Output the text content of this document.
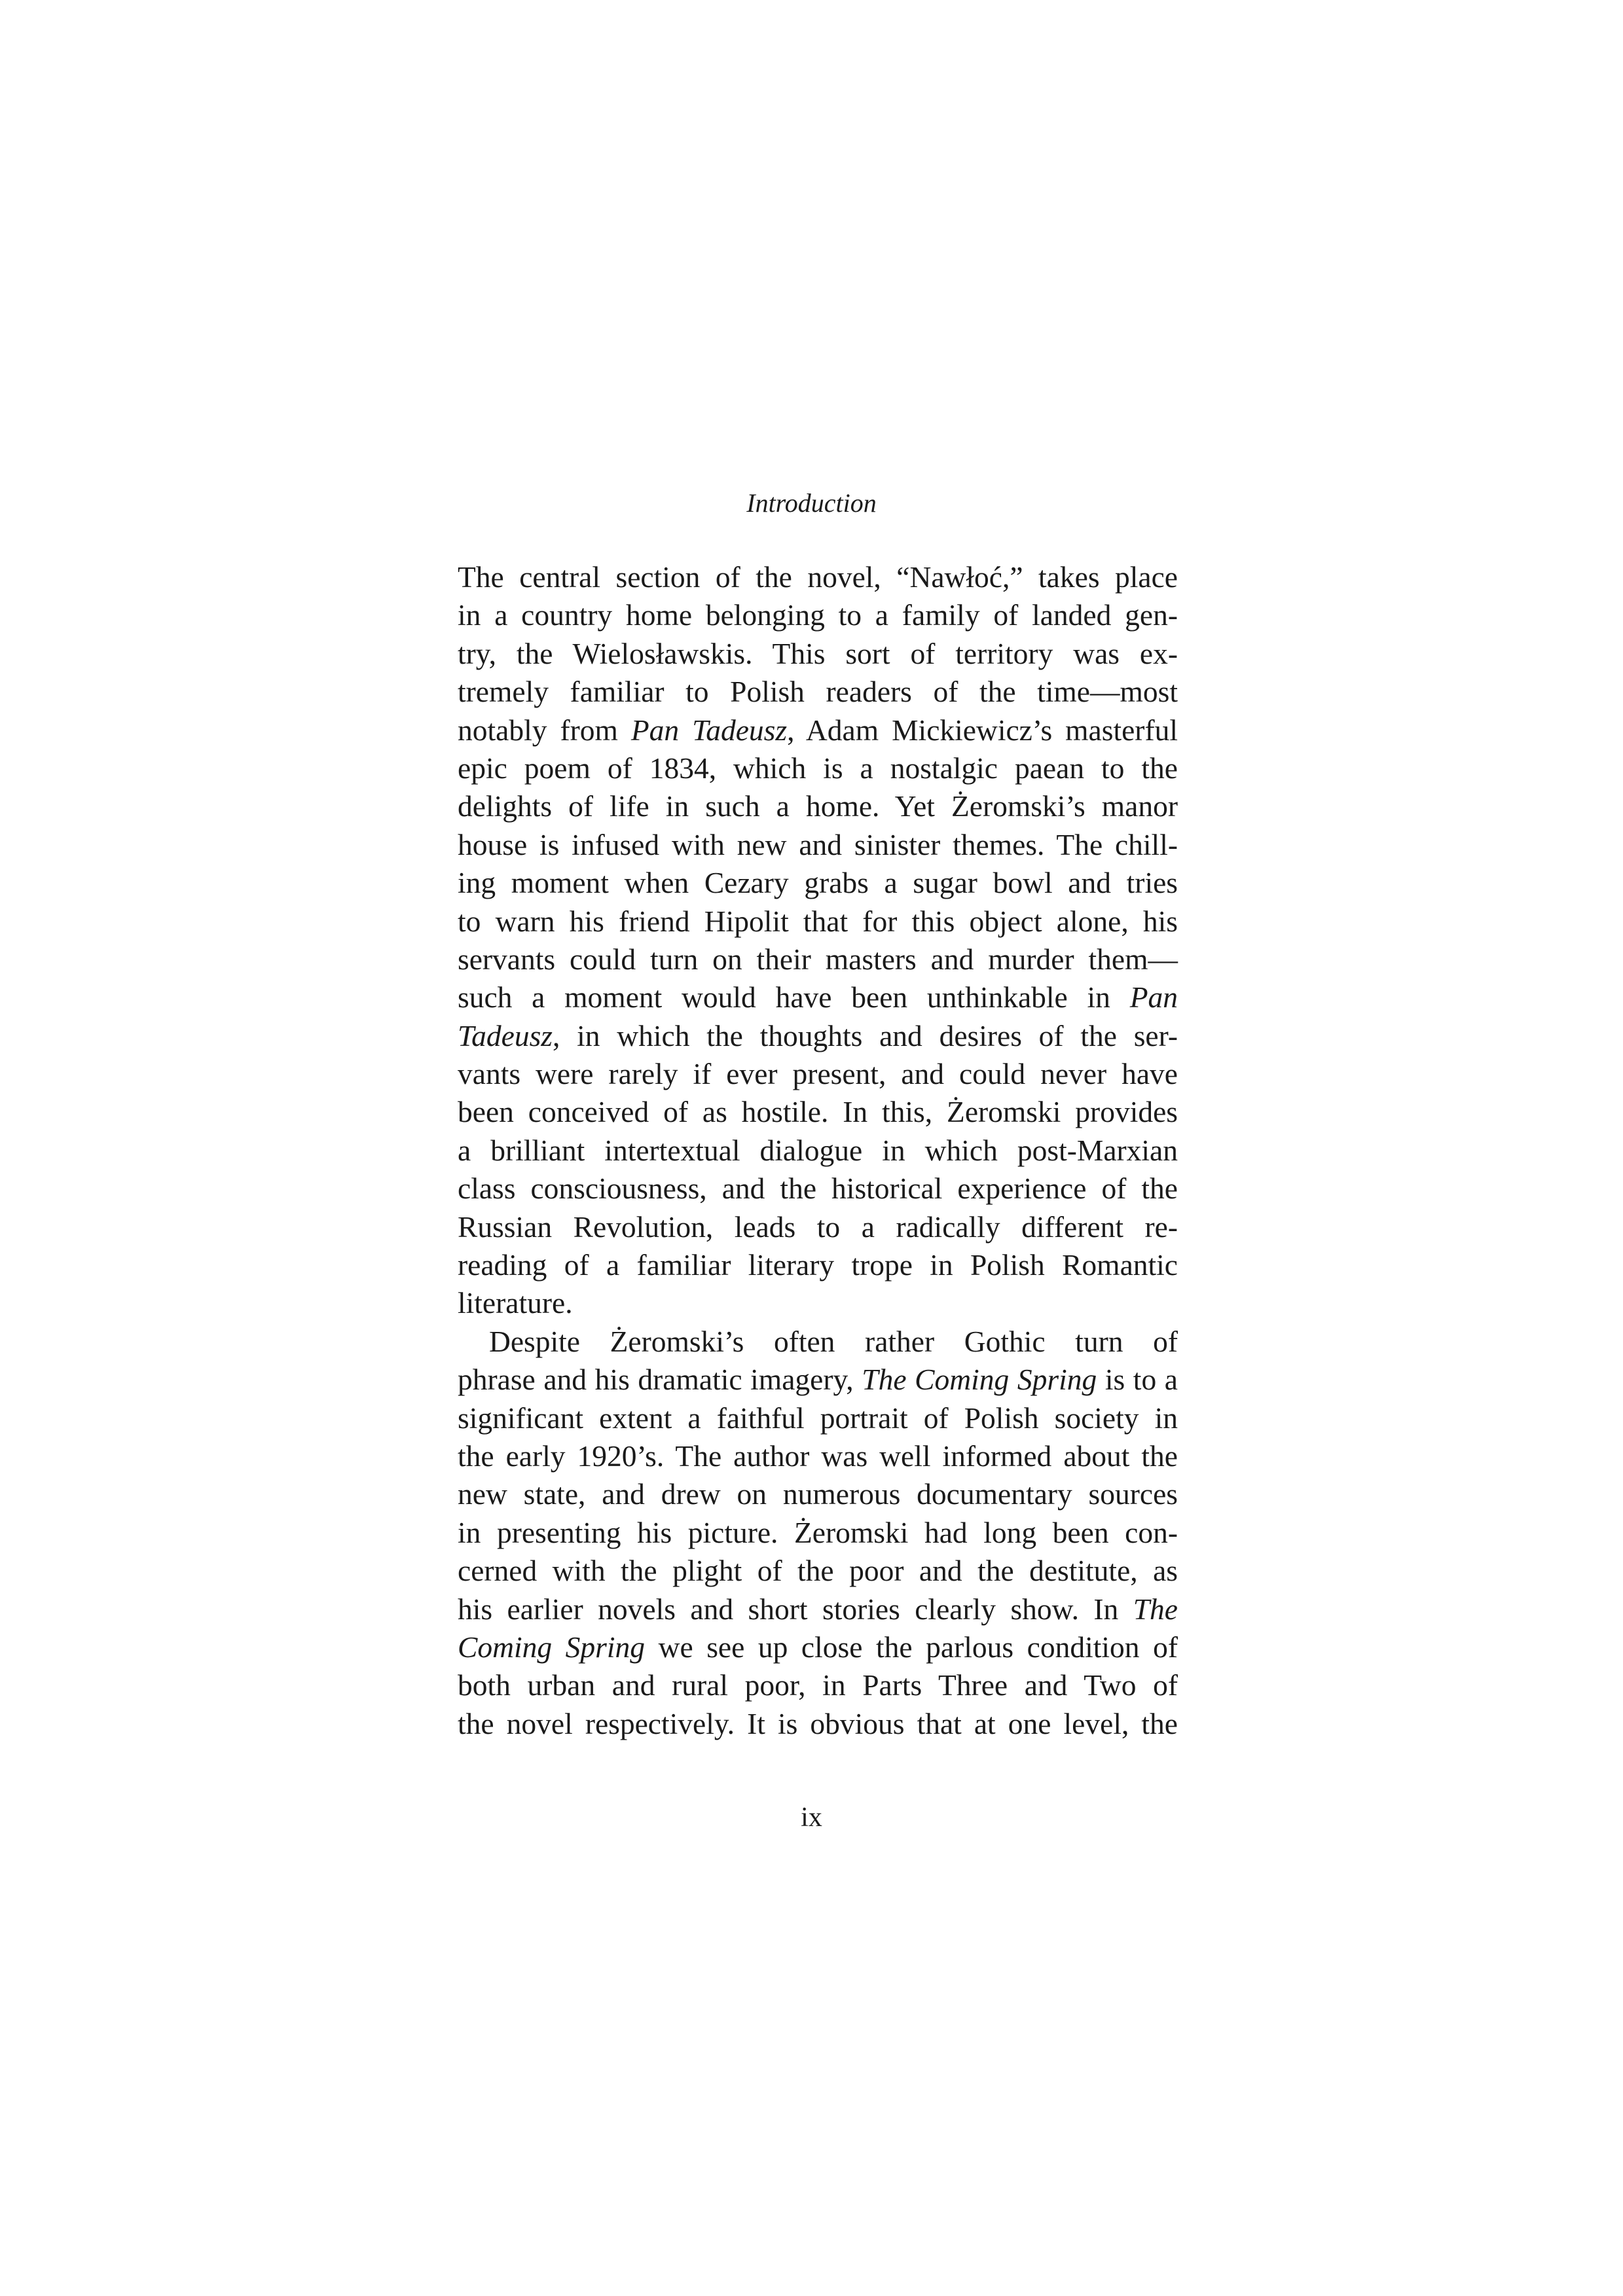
Introduction
The central section of the novel, “Nawłoć,” takes place
in a country home belonging to a family of landed gen-
try, the Wielosławskis. This sort of territory was ex-
tremely familiar to Polish readers of the time—most
notably from Pan Tadeusz, Adam Mickiewicz’s masterful
epic poem of 1834, which is a nostalgic paean to the
delights of life in such a home. Yet Żeromski’s manor
house is infused with new and sinister themes. The chill-
ing moment when Cezary grabs a sugar bowl and tries
to warn his friend Hipolit that for this object alone, his
servants could turn on their masters and murder them—
such a moment would have been unthinkable in Pan
Tadeusz, in which the thoughts and desires of the ser-
vants were rarely if ever present, and could never have
been conceived of as hostile. In this, Żeromski provides
a brilliant intertextual dialogue in which post-Marxian
class consciousness, and the historical experience of the
Russian Revolution, leads to a radically different re-
reading of a familiar literary trope in Polish Romantic
literature.
Despite Żeromski’s often rather Gothic turn of
phrase and his dramatic imagery, The Coming Spring is to a
significant extent a faithful portrait of Polish society in
the early 1920’s. The author was well informed about the
new state, and drew on numerous documentary sources
in presenting his picture. Żeromski had long been con-
cerned with the plight of the poor and the destitute, as
his earlier novels and short stories clearly show. In The
Coming Spring we see up close the parlous condition of
both urban and rural poor, in Parts Three and Two of
the novel respectively. It is obvious that at one level, the
ix
